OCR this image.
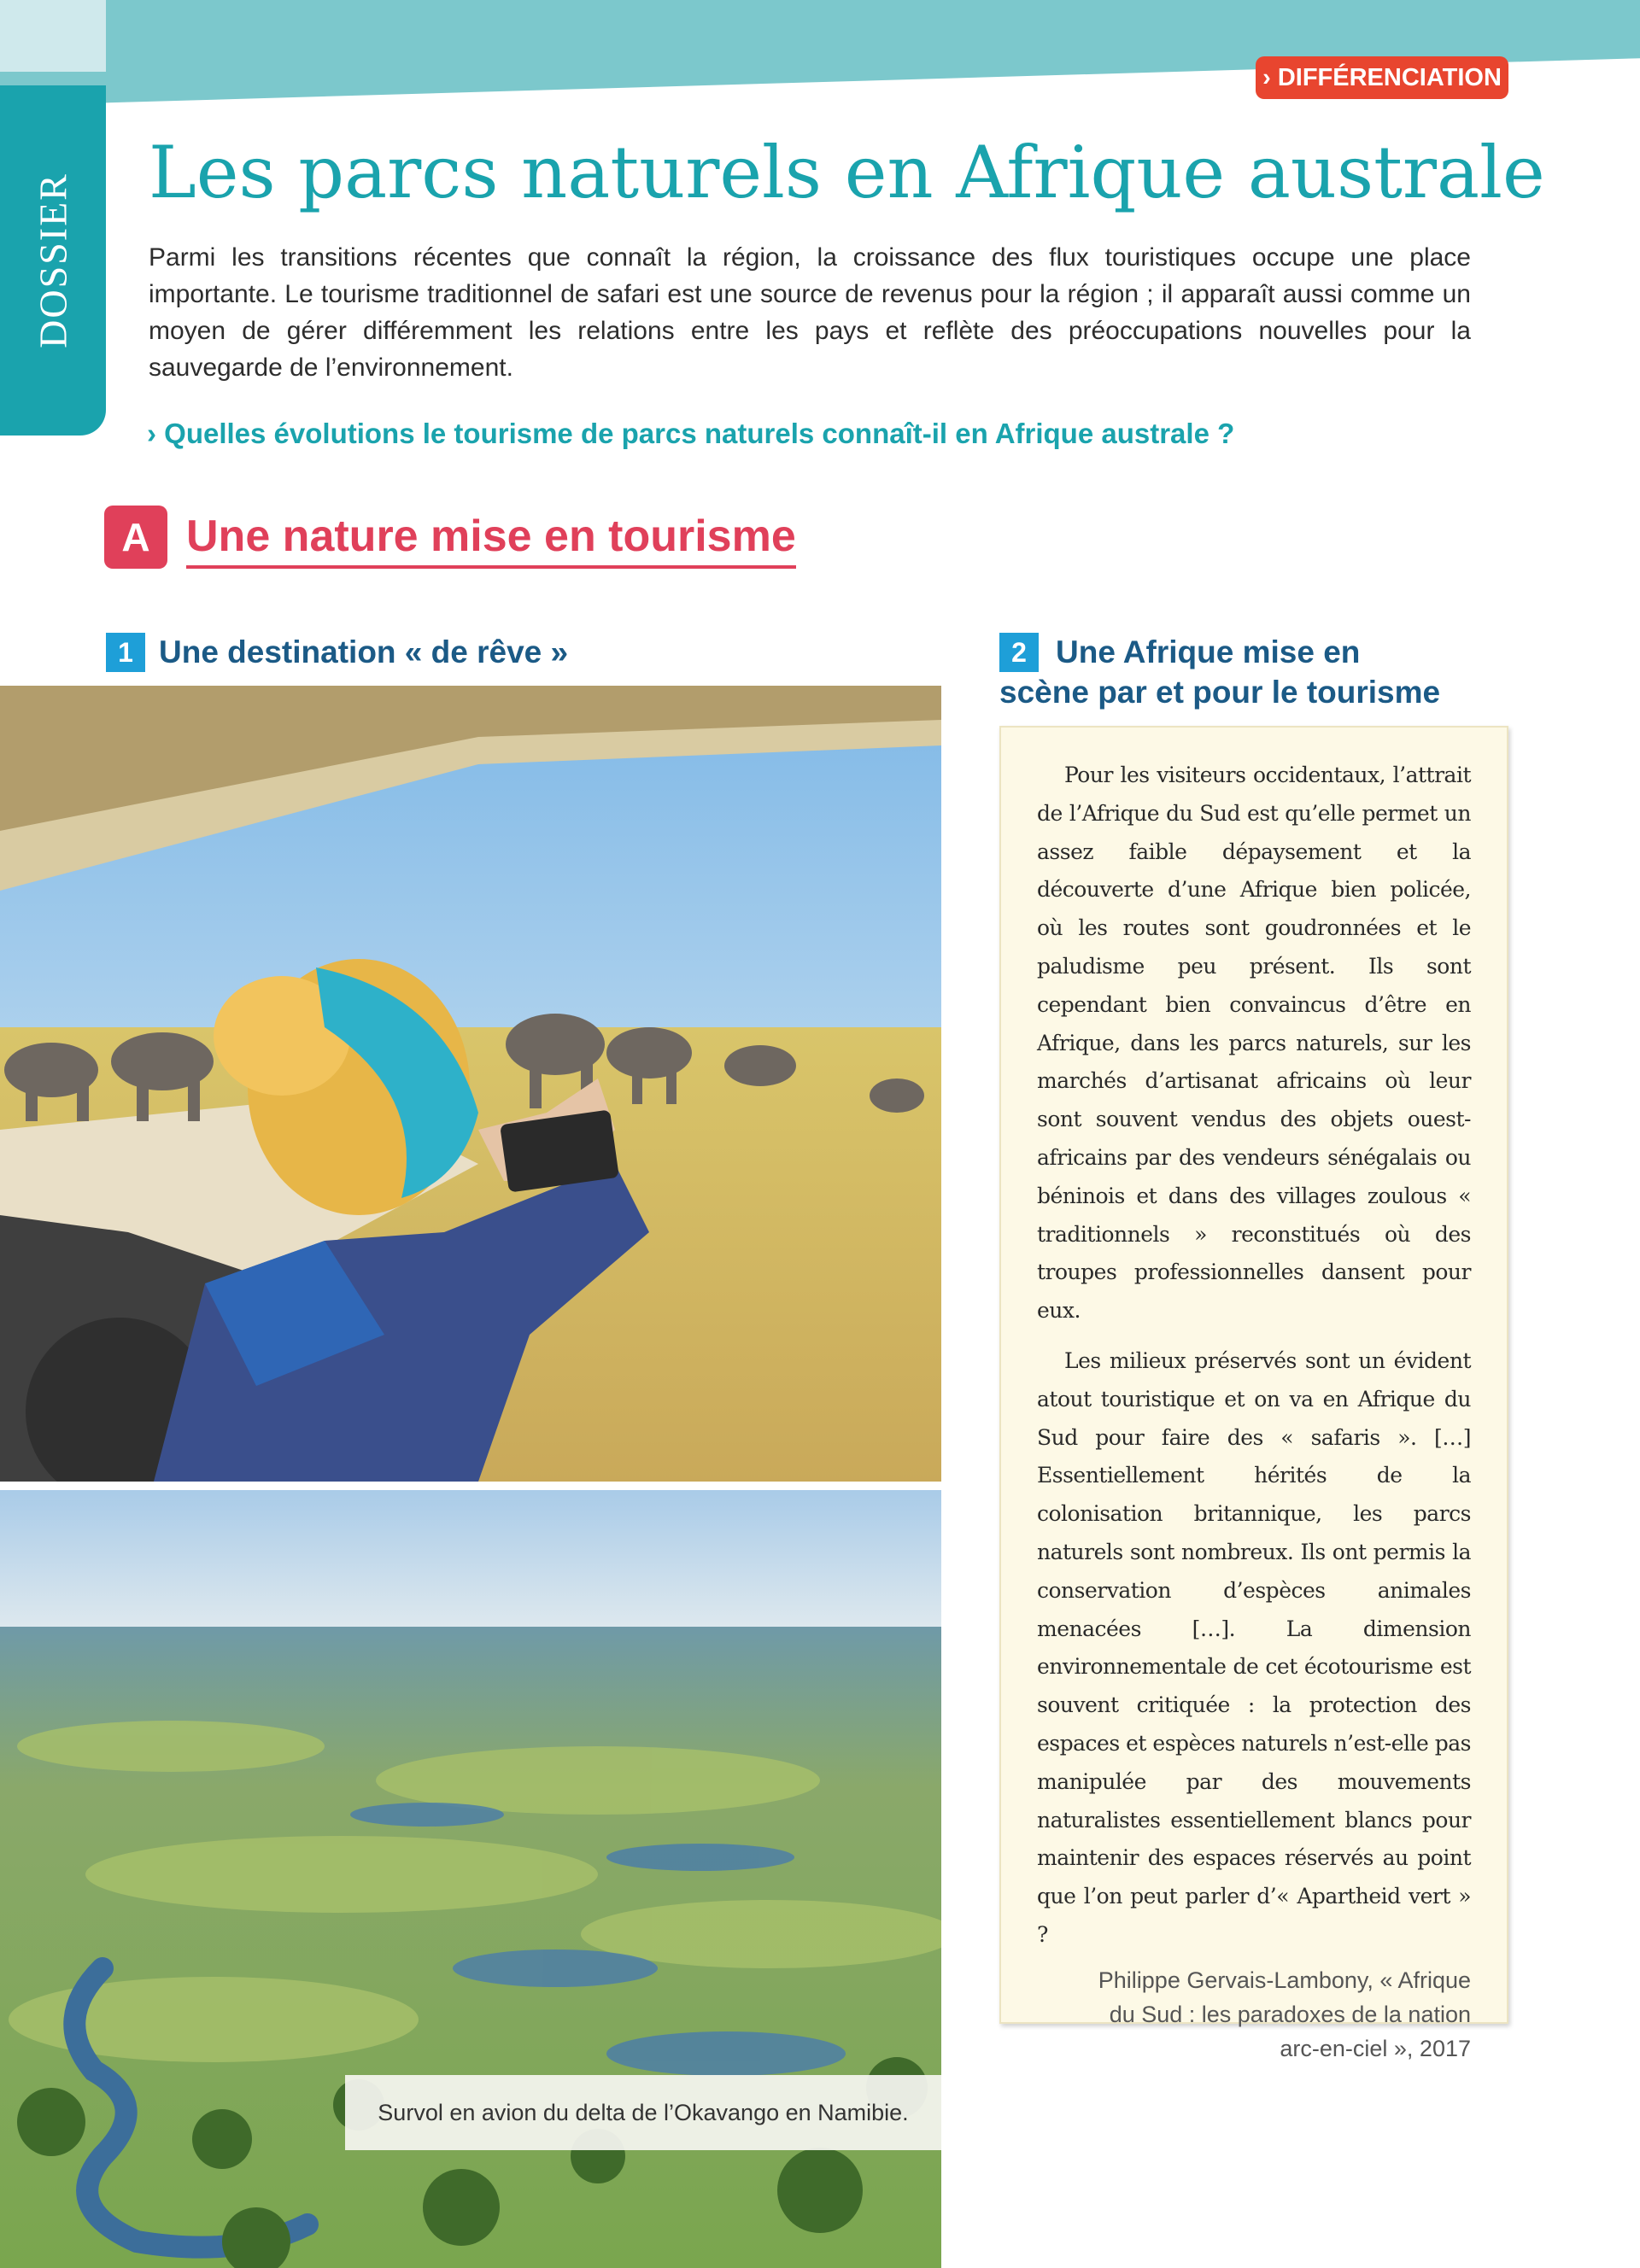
DOSSIER
› DIFFÉRENCIATION
Les parcs naturels en Afrique australe

Parmi les transitions récentes que connaît la région, la croissance des flux touristiques occupe une place importante. Le tourisme traditionnel de safari est une source de revenus pour la région ; il apparaît aussi comme un moyen de gérer différemment les relations entre les pays et reflète des préoccupations nouvelles pour la sauvegarde de l’environnement.

› Quelles évolutions le tourisme de parcs naturels connaît-il en Afrique australe ?

A Une nature mise en tourisme
1 Une destination « de rêve »	2 Une Afrique mise en
scène par et pour le tourisme
Survol en avion du delta de l’Okavango en Namibie.

Pour les visiteurs occidentaux, l’attrait de l’Afrique du Sud est qu’elle permet un assez faible dépaysement et la découverte d’une Afrique bien policée, où les routes sont goudronnées et le paludisme peu présent. Ils sont cependant bien convaincus d’être en Afrique, dans les parcs naturels, sur les marchés d’artisanat africains où leur sont souvent vendus des objets ouest-africains par des vendeurs sénégalais ou béninois et dans des villages zoulous « traditionnels » reconstitués où des troupes professionnelles dansent pour eux.

Les milieux préservés sont un évident atout touristique et on va en Afrique du Sud pour faire des « safaris ». […] Essentiellement hérités de la colonisation britannique, les parcs naturels sont nombreux. Ils ont permis la conservation d’espèces animales menacées […]. La dimension environnementale de cet écotourisme est souvent critiquée : la protection des espaces et espèces naturels n’est-elle pas manipulée par des mouvements naturalistes essentiellement blancs pour maintenir des espaces réservés au point que l’on peut parler d’« Apartheid vert » ?

Philippe Gervais-Lambony, « Afrique
du Sud : les paradoxes de la nation
arc-en-ciel », 2017
